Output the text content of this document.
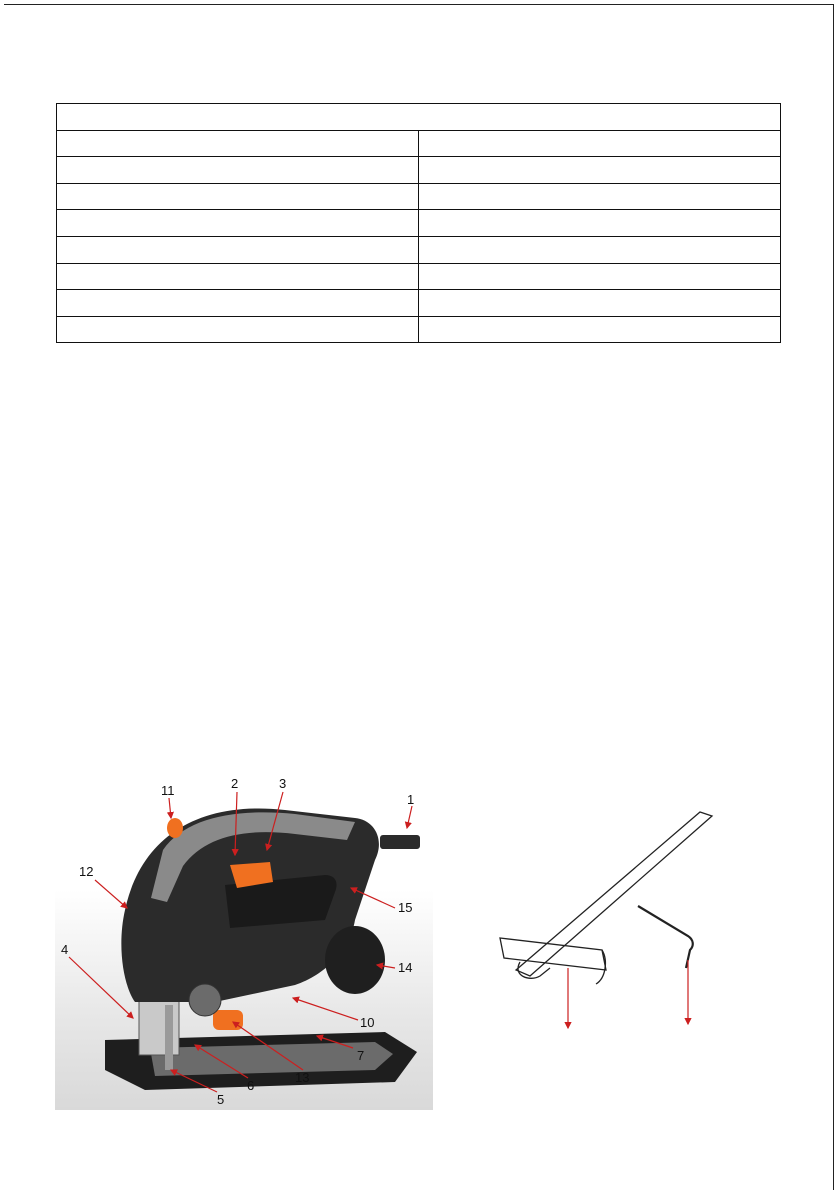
1
2	3
4
5
6
7
10
11
12
13
14
15
